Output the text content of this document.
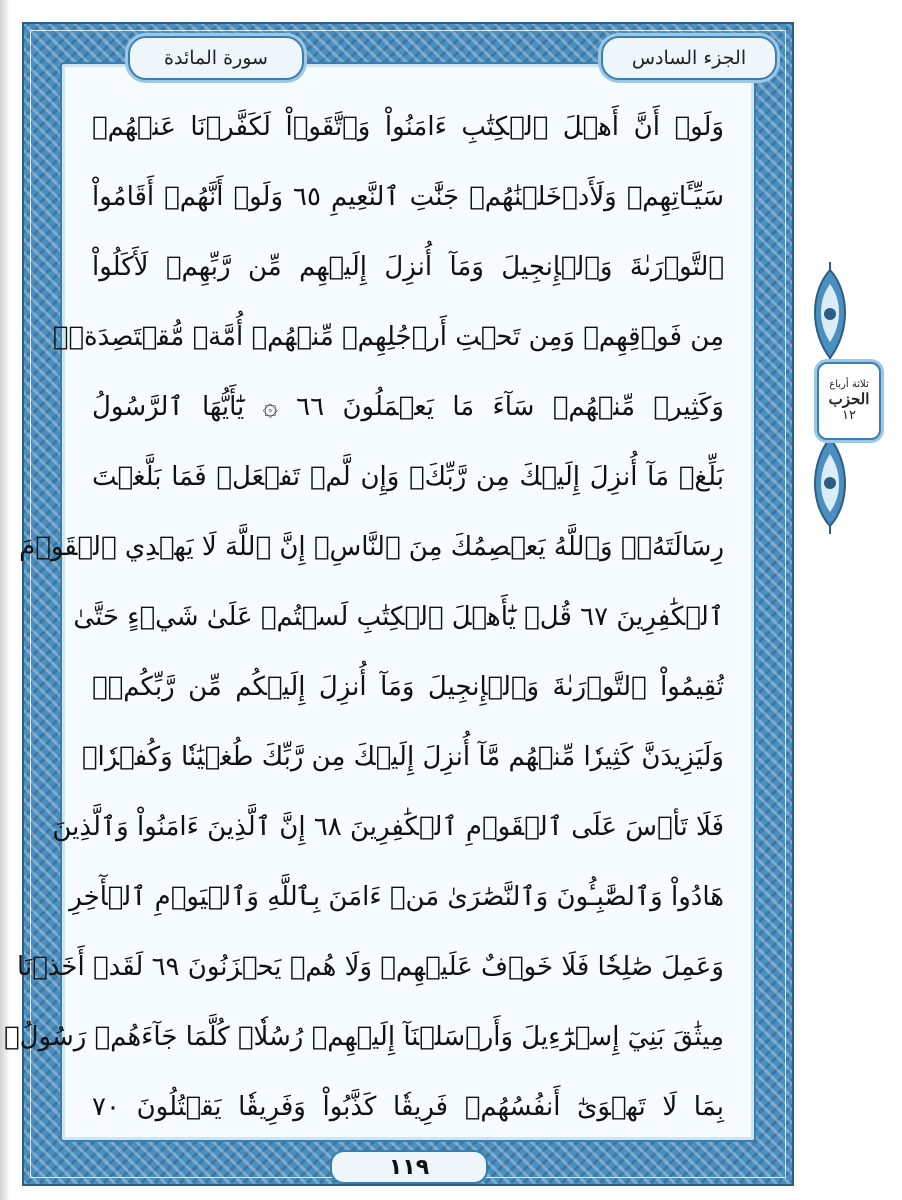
الجزء السادس
سورة المائدة
وَلَوۡ أَنَّ أَهۡلَ ٱلۡكِتَٰبِ ءَامَنُواْ وَٱتَّقَوۡاْ لَكَفَّرۡنَا عَنۡهُمۡ
سَيِّـَٔاتِهِمۡ وَلَأَدۡخَلۡنَٰهُمۡ جَنَّٰتِ ٱلنَّعِيمِ ٦٥ وَلَوۡ أَنَّهُمۡ أَقَامُواْ
ٱلتَّوۡرَىٰةَ وَٱلۡإِنجِيلَ وَمَآ أُنزِلَ إِلَيۡهِم مِّن رَّبِّهِمۡ لَأَكَلُواْ
مِن فَوۡقِهِمۡ وَمِن تَحۡتِ أَرۡجُلِهِمۚ مِّنۡهُمۡ أُمَّةٞ مُّقۡتَصِدَةٞۖ
وَكَثِيرٞ مِّنۡهُمۡ سَآءَ مَا يَعۡمَلُونَ ٦٦ ۞ يَٰٓأَيُّهَا ٱلرَّسُولُ
بَلِّغۡ مَآ أُنزِلَ إِلَيۡكَ مِن رَّبِّكَۖ وَإِن لَّمۡ تَفۡعَلۡ فَمَا بَلَّغۡتَ
رِسَالَتَهُۥۚ وَٱللَّهُ يَعۡصِمُكَ مِنَ ٱلنَّاسِۗ إِنَّ ٱللَّهَ لَا يَهۡدِي ٱلۡقَوۡمَ
ٱلۡكَٰفِرِينَ ٦٧ قُلۡ يَٰٓأَهۡلَ ٱلۡكِتَٰبِ لَسۡتُمۡ عَلَىٰ شَيۡءٍ حَتَّىٰ
تُقِيمُواْ ٱلتَّوۡرَىٰةَ وَٱلۡإِنجِيلَ وَمَآ أُنزِلَ إِلَيۡكُم مِّن رَّبِّكُمۡۗ
وَلَيَزِيدَنَّ كَثِيرٗا مِّنۡهُم مَّآ أُنزِلَ إِلَيۡكَ مِن رَّبِّكَ طُغۡيَٰنٗا وَكُفۡرٗاۖ
فَلَا تَأۡسَ عَلَى ٱلۡقَوۡمِ ٱلۡكَٰفِرِينَ ٦٨ إِنَّ ٱلَّذِينَ ءَامَنُواْ وَٱلَّذِينَ
هَادُواْ وَٱلصَّٰبِـُٔونَ وَٱلنَّصَٰرَىٰ مَنۡ ءَامَنَ بِٱللَّهِ وَٱلۡيَوۡمِ ٱلۡأٓخِرِ
وَعَمِلَ صَٰلِحٗا فَلَا خَوۡفٌ عَلَيۡهِمۡ وَلَا هُمۡ يَحۡزَنُونَ ٦٩ لَقَدۡ أَخَذۡنَا
مِيثَٰقَ بَنِيٓ إِسۡرَٰٓءِيلَ وَأَرۡسَلۡنَآ إِلَيۡهِمۡ رُسُلٗاۖ كُلَّمَا جَآءَهُمۡ رَسُولُۢ
بِمَا لَا تَهۡوَىٰٓ أَنفُسُهُمۡ فَرِيقٗا كَذَّبُواْ وَفَرِيقٗا يَقۡتُلُونَ ٧٠
١١٩
ثلاثة أرباع
الحزب
١٢
